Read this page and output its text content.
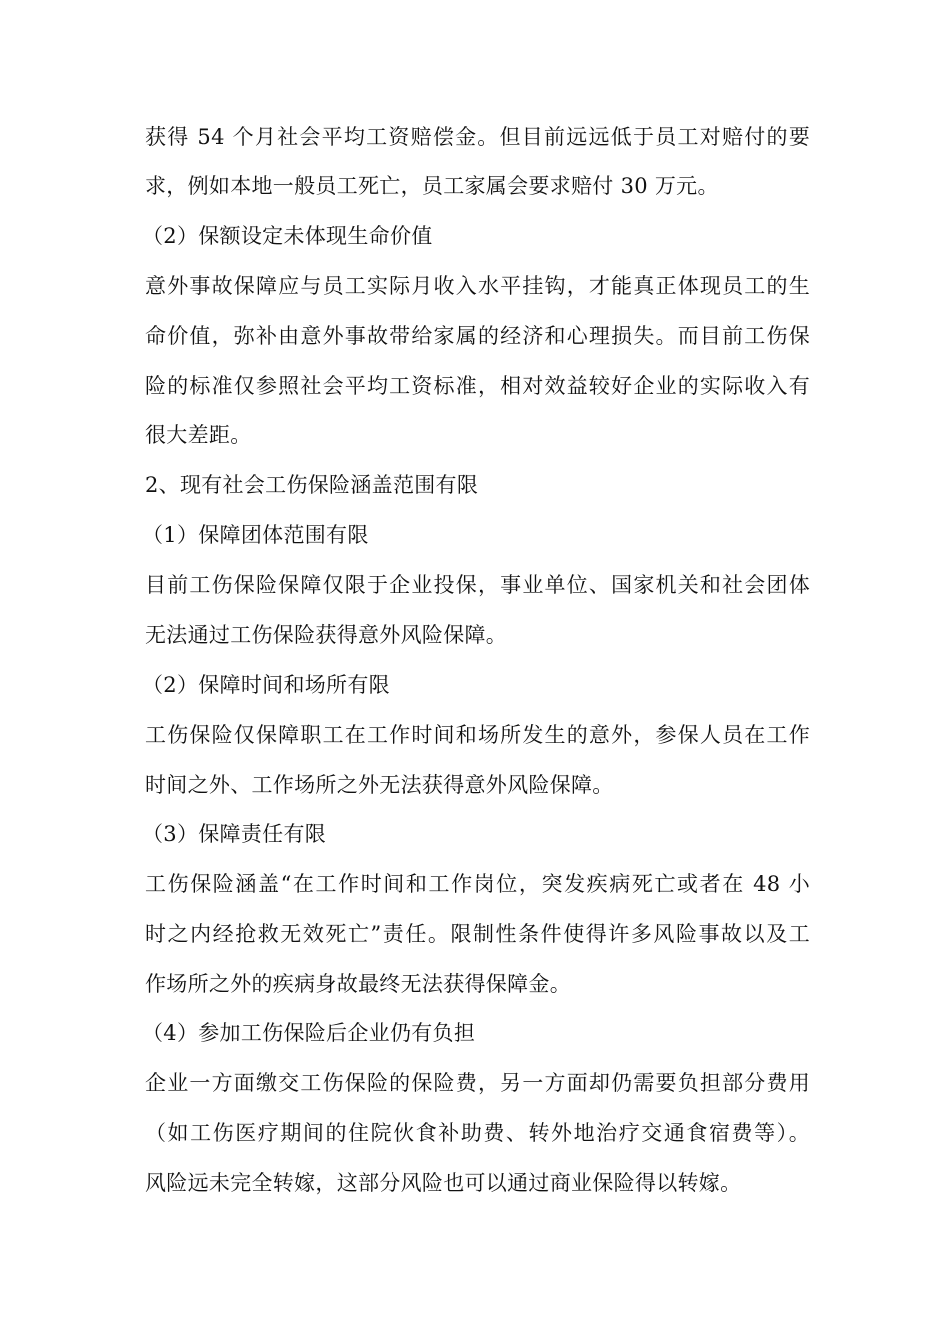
获得 54 个月社会平均工资赔偿金。但目前远远低于员工对赔付的要
求，例如本地一般员工死亡，员工家属会要求赔付 30 万元。
（2）保额设定未体现生命价值
意外事故保障应与员工实际月收入水平挂钩，才能真正体现员工的生
命价值，弥补由意外事故带给家属的经济和心理损失。而目前工伤保
险的标准仅参照社会平均工资标准，相对效益较好企业的实际收入有
很大差距。
2、现有社会工伤保险涵盖范围有限
（1）保障团体范围有限
目前工伤保险保障仅限于企业投保，事业单位、国家机关和社会团体
无法通过工伤保险获得意外风险保障。
（2）保障时间和场所有限
工伤保险仅保障职工在工作时间和场所发生的意外，参保人员在工作
时间之外、工作场所之外无法获得意外风险保障。
（3）保障责任有限
工伤保险涵盖“在工作时间和工作岗位，突发疾病死亡或者在 48 小
时之内经抢救无效死亡”责任。限制性条件使得许多风险事故以及工
作场所之外的疾病身故最终无法获得保障金。
（4）参加工伤保险后企业仍有负担
企业一方面缴交工伤保险的保险费，另一方面却仍需要负担部分费用
（如工伤医疗期间的住院伙食补助费、转外地治疗交通食宿费等）。
风险远未完全转嫁，这部分风险也可以通过商业保险得以转嫁。
